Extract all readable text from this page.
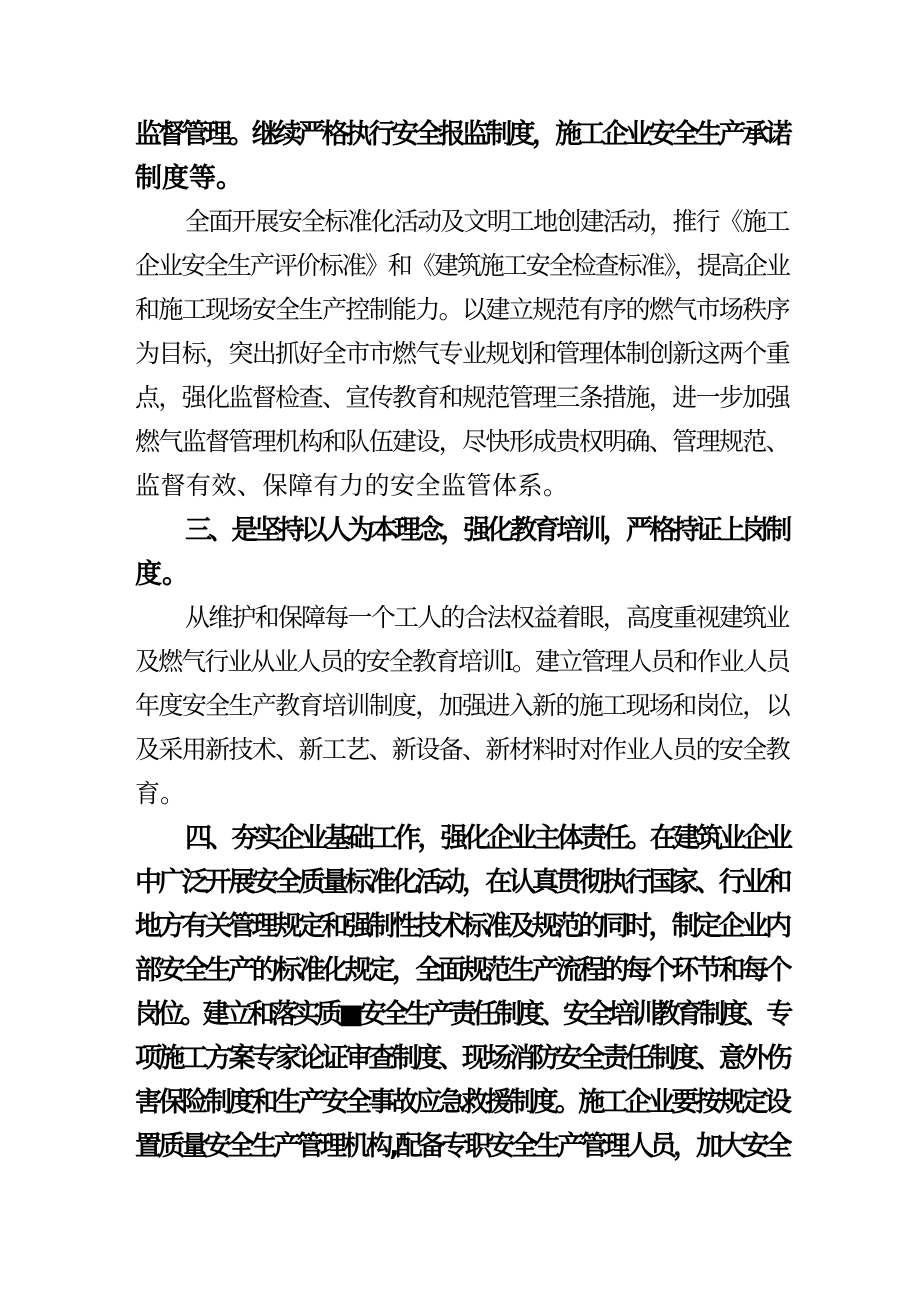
监督管理。继续严格执行安全报监制度，施工企业安全生产承诺
制度等。
全面开展安全标准化活动及文明工地创建活动，推行《施工
企业安全生产评价标准》和《建筑施工安全检查标准》，提高企业
和施工现场安全生产控制能力。以建立规范有序的燃气市场秩序
为目标，突出抓好全市市燃气专业规划和管理体制创新这两个重
点，强化监督检查、宣传教育和规范管理三条措施，进一步加强
燃气监督管理机构和队伍建设，尽快形成贵权明确、管理规范、
监督有效、保障有力的安全监管体系。
三、是坚持以人为本理念，强化教育培训，严格持证上岗制
度。
从维护和保障每一个工人的合法权益着眼，高度重视建筑业
及燃气行业从业人员的安全教育培训I。建立管理人员和作业人员
年度安全生产教育培训制度，加强进入新的施工现场和岗位，以
及采用新技术、新工艺、新设备、新材料时对作业人员的安全教
育。
四、夯实企业基础工作，强化企业主体责任。在建筑业企业
中广泛开展安全质量标准化活动，在认真贯彻执行国家、行业和
地方有关管理规定和强制性技术标准及规范的同时，制定企业内
部安全生产的标准化规定，全面规范生产流程的每个环节和每个
岗位。建立和落实质■安全生产责任制度、安全培训教育制度、专
项施工方案专家论证审查制度、现场消防安全责任制度、意外伤
害保险制度和生产安全事故应急救援制度。施工企业要按规定设
置质量安全生产管理机构,配备专职安全生产管理人员，加大安全
